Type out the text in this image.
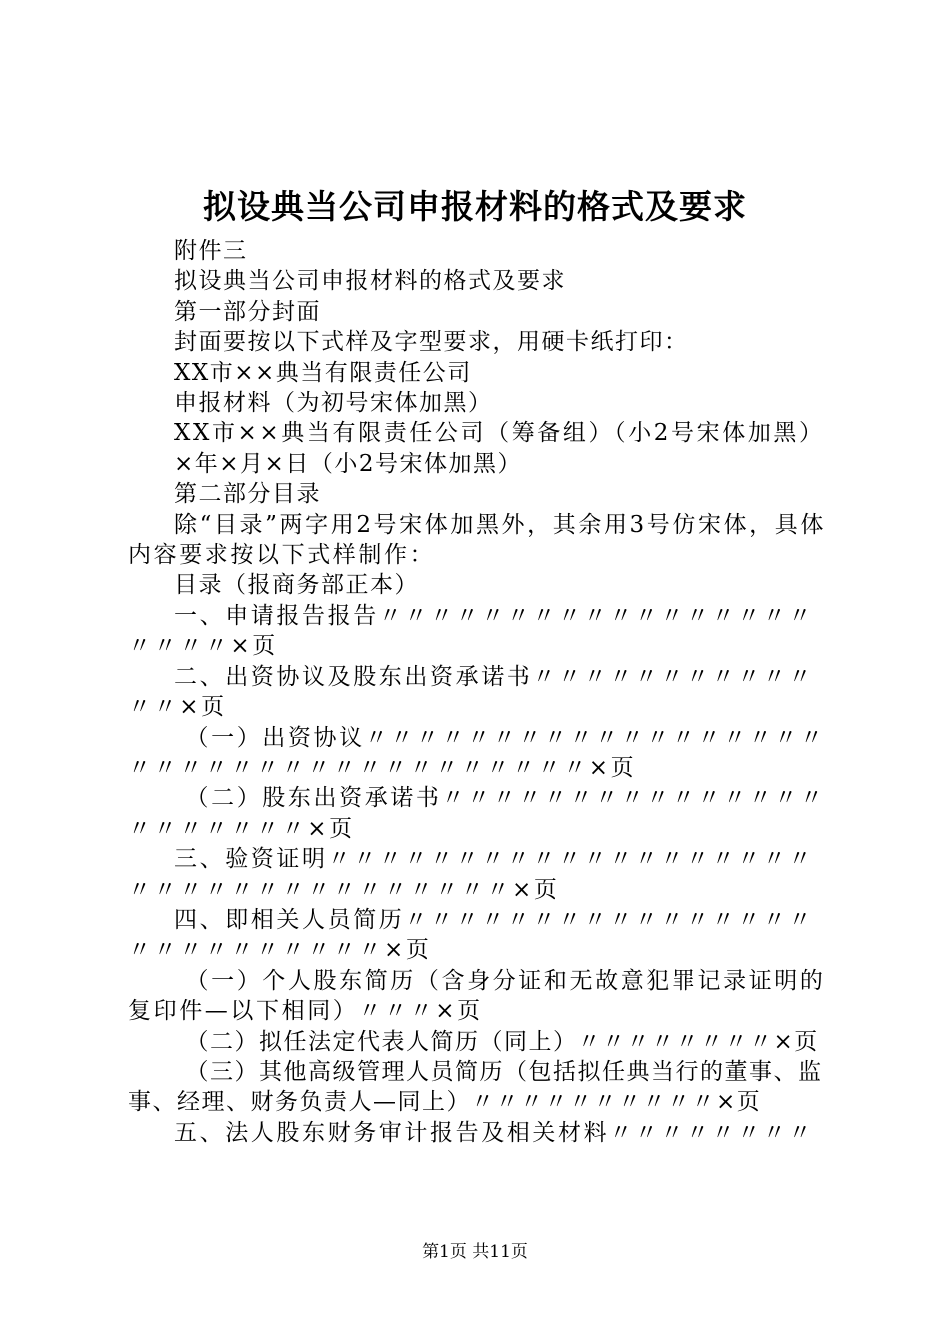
拟设典当公司申报材料的格式及要求

附件三

拟设典当公司申报材料的格式及要求

第一部分封面

封面要按以下式样及字型要求，用硬卡纸打印：

XX市××典当有限责任公司

申报材料（为初号宋体加黑）

XX市××典当有限责任公司（筹备组）（小2号宋体加黑）

×年×月×日（小2号宋体加黑）

第二部分目录

除“目录”两字用2号宋体加黑外，其余用3号仿宋体，具体内容要求按以下式样制作：

目录（报商务部正本）

一、申请报告报告〃〃〃〃〃〃〃〃〃〃〃〃〃〃〃〃〃〃〃〃〃×页

二、出资协议及股东出资承诺书〃〃〃〃〃〃〃〃〃〃〃〃〃×页

（一）出资协议〃〃〃〃〃〃〃〃〃〃〃〃〃〃〃〃〃〃〃〃〃〃〃〃〃〃〃〃〃〃〃〃〃〃〃〃×页

（二）股东出资承诺书〃〃〃〃〃〃〃〃〃〃〃〃〃〃〃〃〃〃〃〃〃〃×页

三、验资证明〃〃〃〃〃〃〃〃〃〃〃〃〃〃〃〃〃〃〃〃〃〃〃〃〃〃〃〃〃〃〃〃〃〃×页

四、即相关人员简历〃〃〃〃〃〃〃〃〃〃〃〃〃〃〃〃〃〃〃〃〃〃〃〃〃〃×页

（一）个人股东简历（含身分证和无故意犯罪记录证明的复印件—以下相同）〃〃〃×页

（二）拟任法定代表人简历（同上）〃〃〃〃〃〃〃〃×页

（三）其他高级管理人员简历（包括拟任典当行的董事、监事、经理、财务负责人—同上）〃〃〃〃〃〃〃〃〃〃×页

五、法人股东财务审计报告及相关材料〃〃〃〃〃〃〃〃

第1页 共11页
